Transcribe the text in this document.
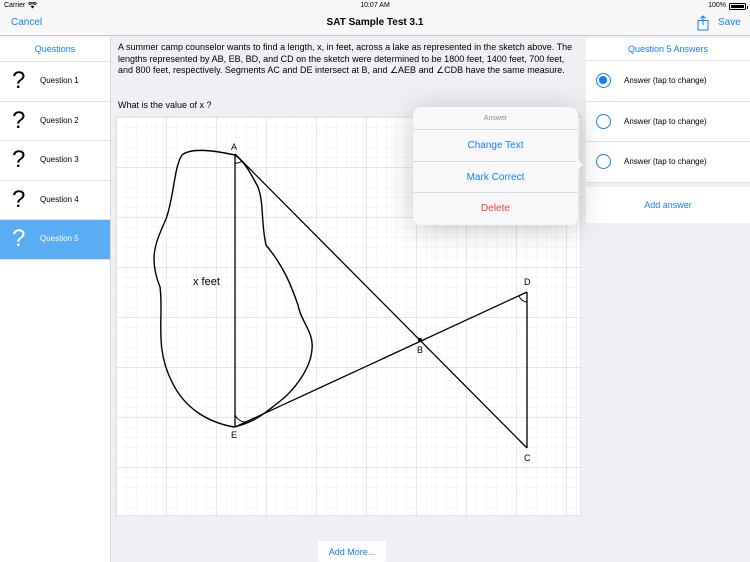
Carrier	10:07 AM	100%
Cancel	SAT Sample Test 3.1	Save
Questions
? Question 1
? Question 2
? Question 3
? Question 4
? Question 5
A summer camp counselor wants to find a length, x, in feet, across a lake as represented in the sketch above. The lengths represented by AB, EB, BD, and CD on the sketch were determined to be 1800 feet, 1400 feet, 700 feet, and 800 feet, respectively. Segments AC and DE intersect at B, and ∠AEB and ∠CDB have the same measure.
What is the value of x ?
A
B
C
D
E
x feet
Add More...
Question 5 Answers
Answer (tap to change)
Answer (tap to change)
Answer (tap to change)
Add answer
Answer
Change Text
Mark Correct
Delete
